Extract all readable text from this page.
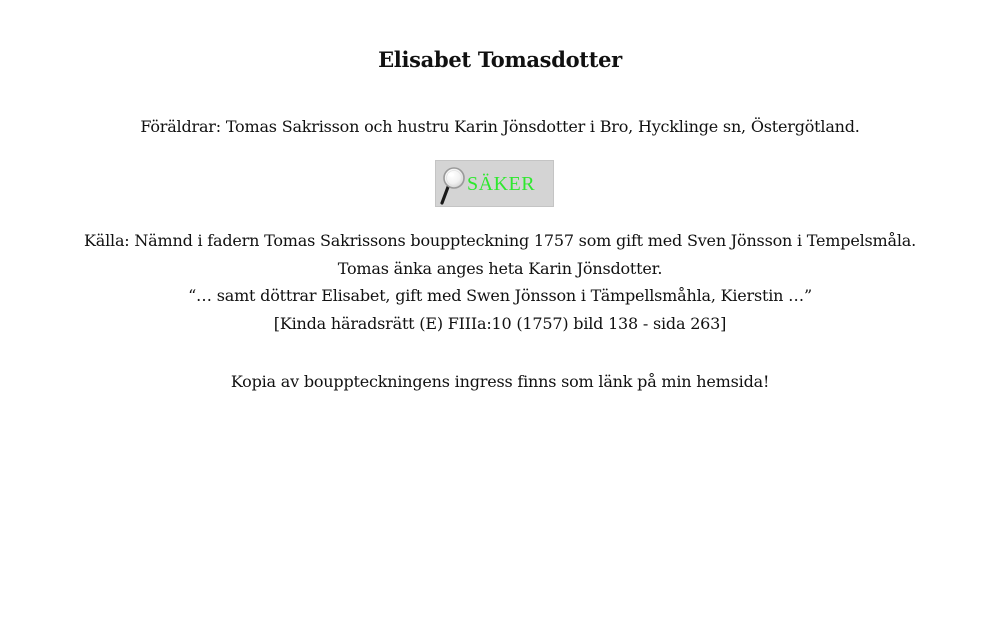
Elisabet Tomasdotter
Föräldrar: Tomas Sakrisson och hustru Karin Jönsdotter i Bro, Hycklinge sn, Östergötland.
SÄKER
Källa: Nämnd i fadern Tomas Sakrissons bouppteckning 1757 som gift med Sven Jönsson i Tempelsmåla.
Tomas änka anges heta Karin Jönsdotter.
“… samt döttrar Elisabet, gift med Swen Jönsson i Tämpellsmåhla, Kierstin …”
[Kinda häradsrätt (E) FIIIa:10 (1757) bild 138 - sida 263]
Kopia av bouppteckningens ingress finns som länk på min hemsida!
